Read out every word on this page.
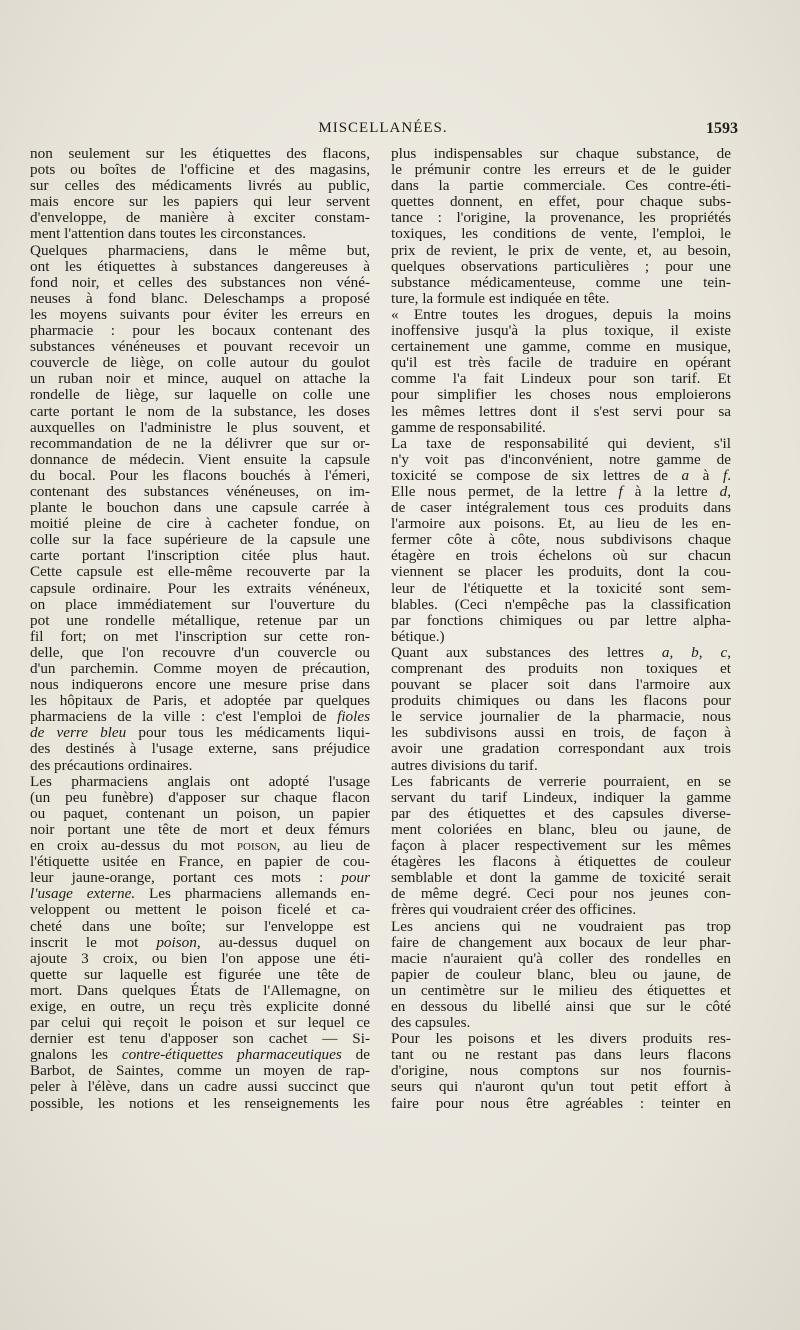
MISCELLANÉES.	1593
non seulement sur les étiquettes des flacons,
pots ou boîtes de l'officine et des magasins,
sur celles des médicaments livrés au public,
mais encore sur les papiers qui leur servent
d'enveloppe, de manière à exciter constam-
ment l'attention dans toutes les circonstances.
Quelques pharmaciens, dans le même but,
ont les étiquettes à substances dangereuses à
fond noir, et celles des substances non véné-
neuses à fond blanc. Deleschamps a proposé
les moyens suivants pour éviter les erreurs en
pharmacie : pour les bocaux contenant des
substances vénéneuses et pouvant recevoir un
couvercle de liège, on colle autour du goulot
un ruban noir et mince, auquel on attache la
rondelle de liège, sur laquelle on colle une
carte portant le nom de la substance, les doses
auxquelles on l'administre le plus souvent, et
recommandation de ne la délivrer que sur or-
donnance de médecin. Vient ensuite la capsule
du bocal. Pour les flacons bouchés à l'émeri,
contenant des substances vénéneuses, on im-
plante le bouchon dans une capsule carrée à
moitié pleine de cire à cacheter fondue, on
colle sur la face supérieure de la capsule une
carte portant l'inscription citée plus haut.
Cette capsule est elle-même recouverte par la
capsule ordinaire. Pour les extraits vénéneux,
on place immédiatement sur l'ouverture du
pot une rondelle métallique, retenue par un
fil fort; on met l'inscription sur cette ron-
delle, que l'on recouvre d'un couvercle ou
d'un parchemin. Comme moyen de précaution,
nous indiquerons encore une mesure prise dans
les hôpitaux de Paris, et adoptée par quelques
pharmaciens de la ville : c'est l'emploi de fioles
de verre bleu pour tous les médicaments liqui-
des destinés à l'usage externe, sans préjudice
des précautions ordinaires.
Les pharmaciens anglais ont adopté l'usage
(un peu funèbre) d'apposer sur chaque flacon
ou paquet, contenant un poison, un papier
noir portant une tête de mort et deux fémurs
en croix au-dessus du mot poison, au lieu de
l'étiquette usitée en France, en papier de cou-
leur jaune-orange, portant ces mots : pour
l'usage externe. Les pharmaciens allemands en-
veloppent ou mettent le poison ficelé et ca-
cheté dans une boîte; sur l'enveloppe est
inscrit le mot poison, au-dessus duquel on
ajoute 3 croix, ou bien l'on appose une éti-
quette sur laquelle est figurée une tête de
mort. Dans quelques États de l'Allemagne, on
exige, en outre, un reçu très explicite donné
par celui qui reçoit le poison et sur lequel ce
dernier est tenu d'apposer son cachet — Si-
gnalons les contre-étiquettes pharmaceutiques de
Barbot, de Saintes, comme un moyen de rap-
peler à l'élève, dans un cadre aussi succinct que
possible, les notions et les renseignements les
plus indispensables sur chaque substance, de
le prémunir contre les erreurs et de le guider
dans la partie commerciale. Ces contre-éti-
quettes donnent, en effet, pour chaque subs-
tance : l'origine, la provenance, les propriétés
toxiques, les conditions de vente, l'emploi, le
prix de revient, le prix de vente, et, au besoin,
quelques observations particulières ; pour une
substance médicamenteuse, comme une tein-
ture, la formule est indiquée en tête.
« Entre toutes les drogues, depuis la moins
inoffensive jusqu'à la plus toxique, il existe
certainement une gamme, comme en musique,
qu'il est très facile de traduire en opérant
comme l'a fait Lindeux pour son tarif. Et
pour simplifier les choses nous emploierons
les mêmes lettres dont il s'est servi pour sa
gamme de responsabilité.
La taxe de responsabilité qui devient, s'il
n'y voit pas d'inconvénient, notre gamme de
toxicité se compose de six lettres de a à f.
Elle nous permet, de la lettre f à la lettre d,
de caser intégralement tous ces produits dans
l'armoire aux poisons. Et, au lieu de les en-
fermer côte à côte, nous subdivisons chaque
étagère en trois échelons où sur chacun
viennent se placer les produits, dont la cou-
leur de l'étiquette et la toxicité sont sem-
blables. (Ceci n'empêche pas la classification
par fonctions chimiques ou par lettre alpha-
bétique.)
Quant aux substances des lettres a, b, c,
comprenant des produits non toxiques et
pouvant se placer soit dans l'armoire aux
produits chimiques ou dans les flacons pour
le service journalier de la pharmacie, nous
les subdivisons aussi en trois, de façon à
avoir une gradation correspondant aux trois
autres divisions du tarif.
Les fabricants de verrerie pourraient, en se
servant du tarif Lindeux, indiquer la gamme
par des étiquettes et des capsules diverse-
ment coloriées en blanc, bleu ou jaune, de
façon à placer respectivement sur les mêmes
étagères les flacons à étiquettes de couleur
semblable et dont la gamme de toxicité serait
de même degré. Ceci pour nos jeunes con-
frères qui voudraient créer des officines.
Les anciens qui ne voudraient pas trop
faire de changement aux bocaux de leur phar-
macie n'auraient qu'à coller des rondelles en
papier de couleur blanc, bleu ou jaune, de
un centimètre sur le milieu des étiquettes et
en dessous du libellé ainsi que sur le côté
des capsules.
Pour les poisons et les divers produits res-
tant ou ne restant pas dans leurs flacons
d'origine, nous comptons sur nos fournis-
seurs qui n'auront qu'un tout petit effort à
faire pour nous être agréables : teinter en
